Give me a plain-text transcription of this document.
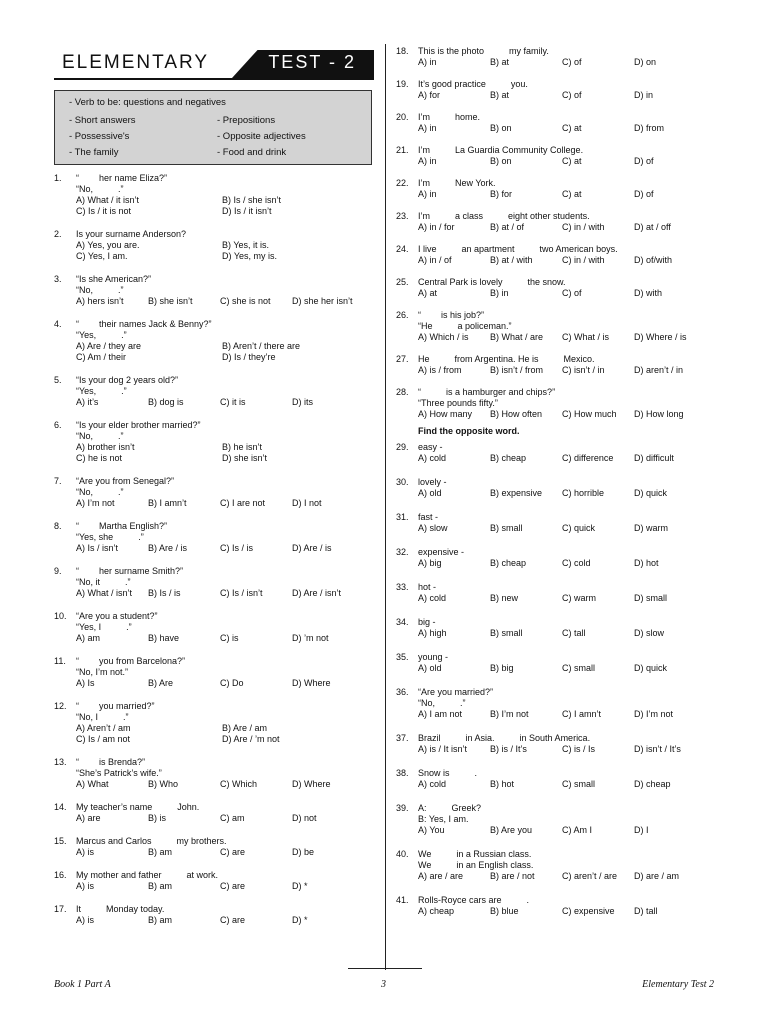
ELEMENTARY	TEST - 2
- Verb to be: questions and negatives
- Short answers	- Prepositions
- Possessive's	- Opposite adjectives
- The family	- Food and drink
1.	“        her name Eliza?”
“No,          .”
A) What / it isn’t	B) Is / she isn’t
C) Is / it is not	D) Is / it isn’t
2.	Is your surname Anderson?
A) Yes, you are.	B) Yes, it is.
C) Yes, I am.	D) Yes, my is.
3.	“Is she American?”
“No,          .”
A) hers isn’t	B) she isn’t	C) she is not	D) she her isn’t
4.	“        their names Jack & Benny?”
“Yes,          .”
A) Are / they are	B) Aren’t / there are
C) Am / their	D) Is / they’re
5.	“Is your dog 2 years old?”
“Yes,          .”
A) it’s	B) dog is	C) it is	D) its
6.	“Is your elder brother married?”
“No,          .”
A) brother isn’t	B) he isn’t
C) he is not	D) she isn’t
7.	“Are you from Senegal?”
“No,          .”
A) I’m not	B) I amn’t	C) I are not	D) I not
8.	“        Martha English?”
“Yes, she          .”
A) Is / isn’t	B) Are / is	C) Is / is	D) Are / is
9.	“        her surname Smith?”
“No, it          .”
A) What / isn’t	B) Is / is	C) Is / isn’t	D) Are / isn’t
10.	“Are you a student?”
“Yes, I          .”
A) am	B) have	C) is	D) ’m not
11.	“        you from Barcelona?”
“No, I’m not.”
A) Is	B) Are	C) Do	D) Where
12.	“        you married?”
“No, I          .”
A) Aren’t / am	B) Are / am
C) Is / am not	D) Are / ’m not
13.	“        is Brenda?”
“She’s Patrick’s wife.”
A) What	B) Who	C) Which	D) Where
14.	My teacher’s name          John.
A) are	B) is	C) am	D) not
15.	Marcus and Carlos          my brothers.
A) is	B) am	C) are	D) be
16.	My mother and father          at work.
A) is	B) am	C) are	D) *
17.	It          Monday today.
A) is	B) am	C) are	D) *
18.	This is the photo          my family.
A) in	B) at	C) of	D) on
19.	It’s good practice          you.
A) for	B) at	C) of	D) in
20.	I’m          home.
A) in	B) on	C) at	D) from
21.	I’m          La Guardia Community College.
A) in	B) on	C) at	D) of
22.	I’m          New York.
A) in	B) for	C) at	D) of
23.	I’m          a class          eight other students.
A) in / for	B) at / of	C) in / with	D) at / off
24.	I live          an apartment          two American boys.
A) in / of	B) at / with	C) in / with	D) of/with
25.	Central Park is lovely          the snow.
A) at	B) in	C) of	D) with
26.	“        is his job?”
“He          a policeman.”
A) Which / is	B) What / are	C) What / is	D) Where / is
27.	He          from Argentina. He is          Mexico.
A) is / from	B) isn’t / from	C) isn’t / in	D) aren’t / in
28.	“          is a hamburger and chips?”
“Three pounds fifty.”
A) How many	B) How often	C) How much	D) How long
Find the opposite word.
29.	easy -
A) cold	B) cheap	C) difference	D) difficult
30.	lovely -
A) old	B) expensive	C) horrible	D) quick
31.	fast -
A) slow	B) small	C) quick	D) warm
32.	expensive -
A) big	B) cheap	C) cold	D) hot
33.	hot -
A) cold	B) new	C) warm	D) small
34.	big -
A) high	B) small	C) tall	D) slow
35.	young -
A) old	B) big	C) small	D) quick
36.	“Are you married?”
“No,          .”
A) I am not	B) I’m not	C) I amn’t	D) I’m not
37.	Brazil          in Asia.          in South America.
A) is / It isn’t	B) is / It’s	C) is / Is	D) isn’t / It’s
38.	Snow is          .
A) cold	B) hot	C) small	D) cheap
39.	A:          Greek?
B: Yes, I am.
A) You	B) Are you	C) Am I	D) I
40.	We          in a Russian class.
We          in an English class.
A) are / are	B) are / not	C) aren’t / are	D) are / am
41.	Rolls-Royce cars are          .
A) cheap	B) blue	C) expensive	D) tall
Book 1 Part A	3	Elementary Test 2
